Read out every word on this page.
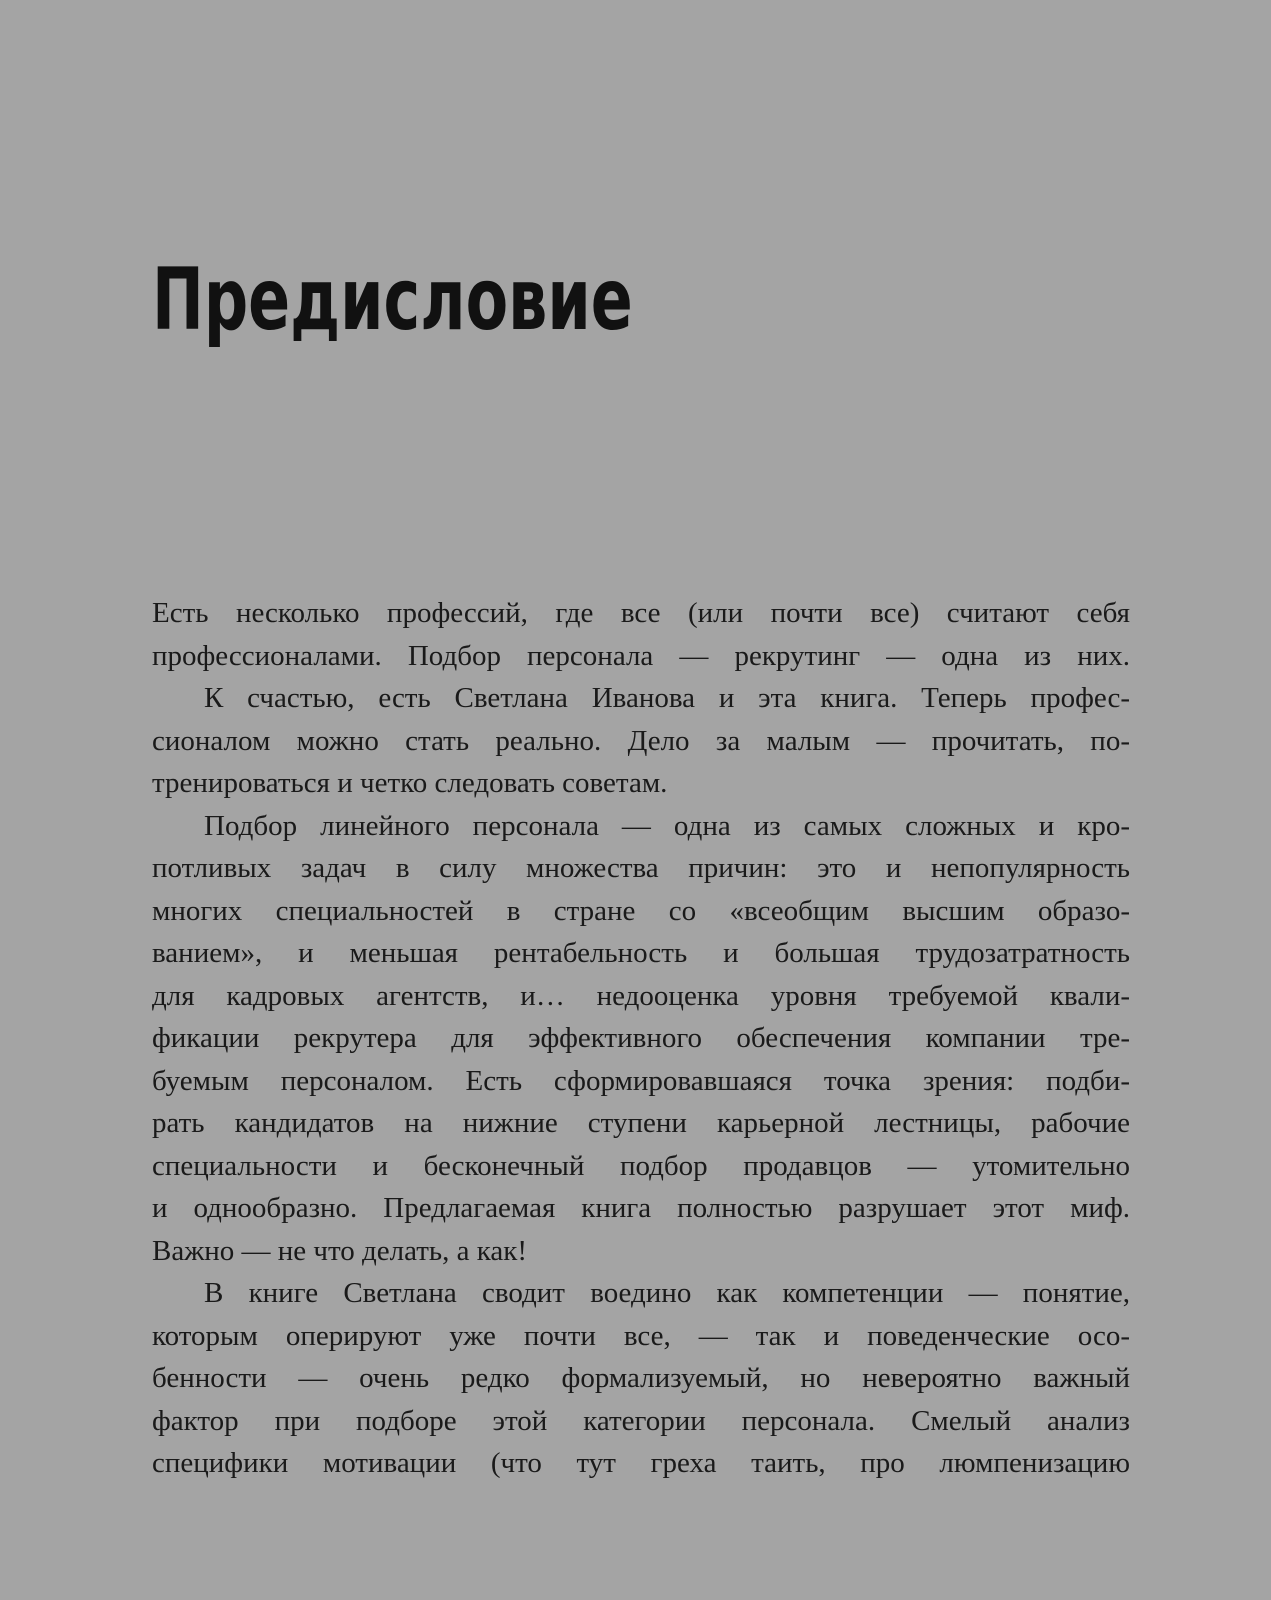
Предисловие
Есть несколько профессий, где все (или почти все) считают себя
профессионалами. Подбор персонала — рекрутинг — одна из них.
К счастью, есть Светлана Иванова и эта книга. Теперь профес-
сионалом можно стать реально. Дело за малым — прочитать, по-
тренироваться и четко следовать советам.
Подбор линейного персонала — одна из самых сложных и кро-
потливых задач в силу множества причин: это и непопулярность
многих специальностей в стране со «всеобщим высшим образо-
ванием», и меньшая рентабельность и большая трудозатратность
для кадровых агентств, и… недооценка уровня требуемой квали-
фикации рекрутера для эффективного обеспечения компании тре-
буемым персоналом. Есть сформировавшаяся точка зрения: подби-
рать кандидатов на нижние ступени карьерной лестницы, рабочие
специальности и бесконечный подбор продавцов — утомительно
и однообразно. Предлагаемая книга полностью разрушает этот миф.
Важно — не что делать, а как!
В книге Светлана сводит воедино как компетенции — понятие,
которым оперируют уже почти все, — так и поведенческие осо-
бенности — очень редко формализуемый, но невероятно важный
фактор при подборе этой категории персонала. Смелый анализ
специфики мотивации (что тут греха таить, про люмпенизацию
